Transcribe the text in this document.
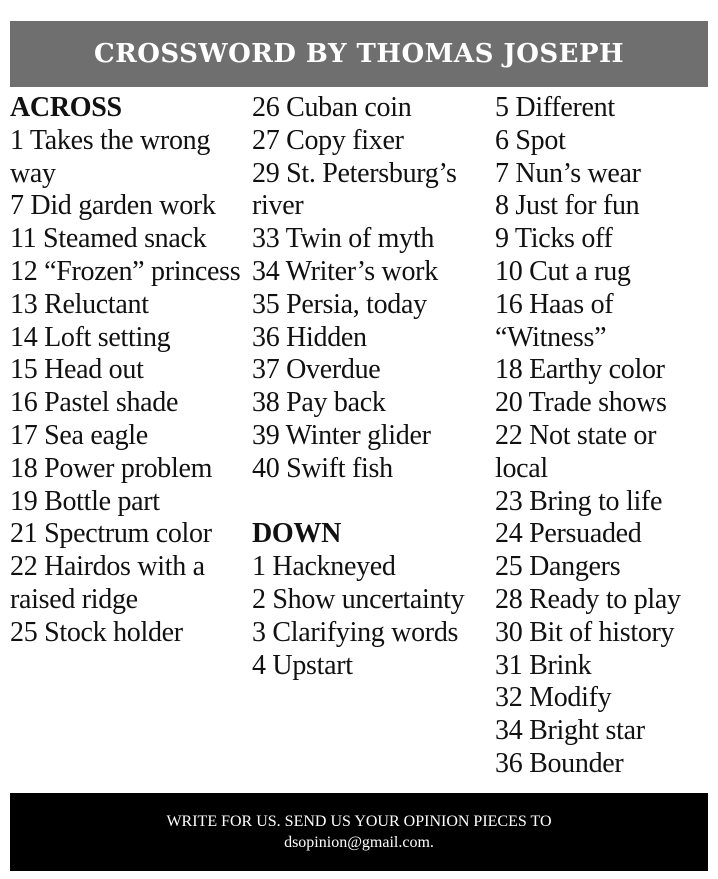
CROSSWORD BY THOMAS JOSEPH
ACROSS
1 Takes the wrong way
7 Did garden work
11 Steamed snack
12 “Frozen” princess
13 Reluctant
14 Loft setting
15 Head out
16 Pastel shade
17 Sea eagle
18 Power problem
19 Bottle part
21 Spectrum color
22 Hairdos with a raised ridge
25 Stock holder
26 Cuban coin
27 Copy fixer
29 St. Petersburg’s river
33 Twin of myth
34 Writer’s work
35 Persia, today
36 Hidden
37 Overdue
38 Pay back
39 Winter glider
40 Swift fish
DOWN
1 Hackneyed
2 Show uncertainty
3 Clarifying words
4 Upstart
5 Different
6 Spot
7 Nun’s wear
8 Just for fun
9 Ticks off
10 Cut a rug
16 Haas of “Witness”
18 Earthy color
20 Trade shows
22 Not state or local
23 Bring to life
24 Persuaded
25 Dangers
28 Ready to play
30 Bit of history
31 Brink
32 Modify
34 Bright star
36 Bounder
WRITE FOR US. SEND US YOUR OPINION PIECES TO
dsopinion@gmail.com.
